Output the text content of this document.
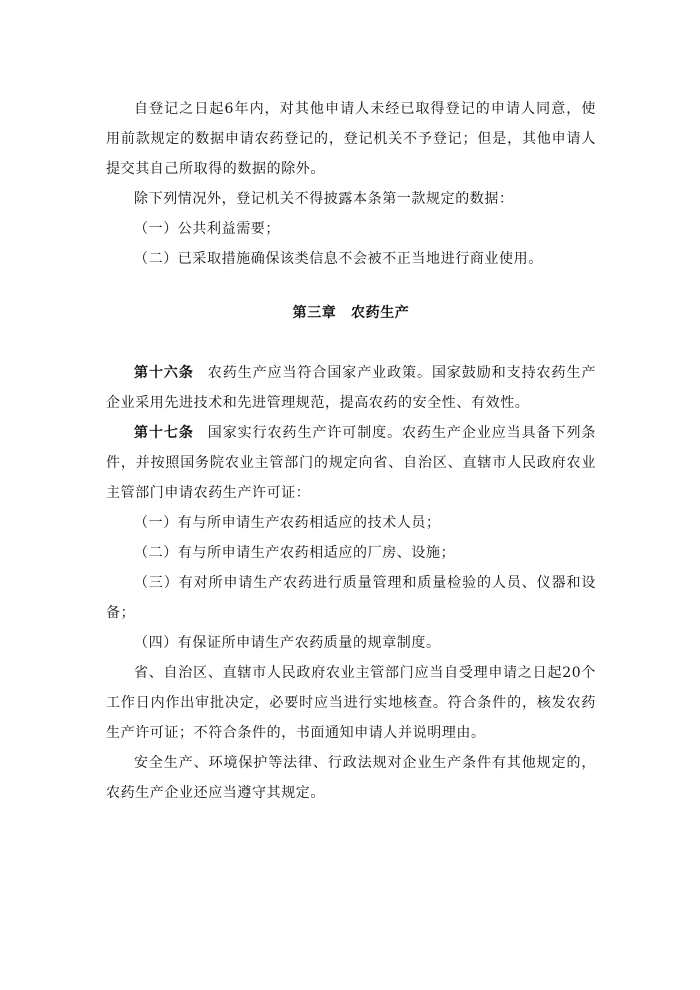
自登记之日起6年内，对其他申请人未经已取得登记的申请人同意，使用前款规定的数据申请农药登记的，登记机关不予登记；但是，其他申请人提交其自己所取得的数据的除外。

除下列情况外，登记机关不得披露本条第一款规定的数据：

（一）公共利益需要；

（二）已采取措施确保该类信息不会被不正当地进行商业使用。

第三章　农药生产

第十六条 农药生产应当符合国家产业政策。国家鼓励和支持农药生产企业采用先进技术和先进管理规范，提高农药的安全性、有效性。

第十七条 国家实行农药生产许可制度。农药生产企业应当具备下列条件，并按照国务院农业主管部门的规定向省、自治区、直辖市人民政府农业主管部门申请农药生产许可证：

（一）有与所申请生产农药相适应的技术人员；

（二）有与所申请生产农药相适应的厂房、设施；

（三）有对所申请生产农药进行质量管理和质量检验的人员、仪器和设备；

（四）有保证所申请生产农药质量的规章制度。

省、自治区、直辖市人民政府农业主管部门应当自受理申请之日起20个工作日内作出审批决定，必要时应当进行实地核查。符合条件的，核发农药生产许可证；不符合条件的，书面通知申请人并说明理由。

安全生产、环境保护等法律、行政法规对企业生产条件有其他规定的，农药生产企业还应当遵守其规定。
